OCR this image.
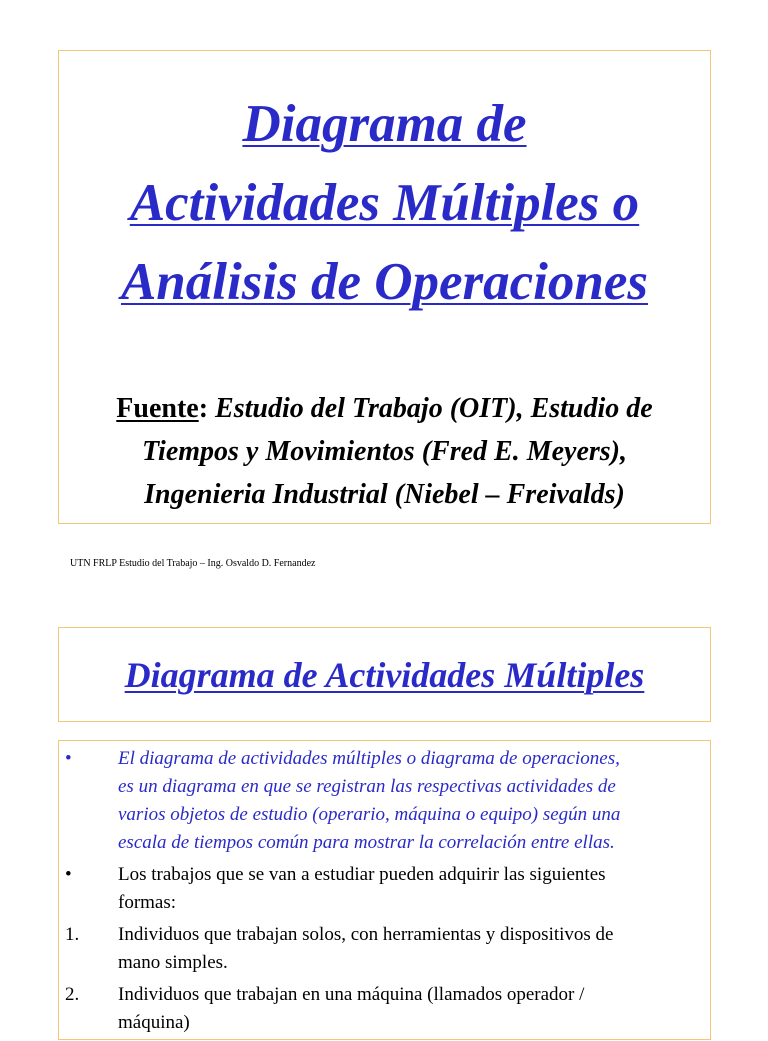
Diagrama de
Actividades Múltiples o
Análisis de Operaciones

Fuente: Estudio del Trabajo (OIT), Estudio de
Tiempos y Movimientos (Fred E. Meyers),
Ingenieria Industrial (Niebel – Freivalds)

UTN FRLP Estudio del Trabajo – Ing. Osvaldo D. Fernandez

Diagrama de Actividades Múltiples
• El diagrama de actividades múltiples o diagrama de operaciones,
es un diagrama en que se registran las respectivas actividades de
varios objetos de estudio (operario, máquina o equipo) según una
escala de tiempos común para mostrar la correlación entre ellas.
• Los trabajos que se van a estudiar pueden adquirir las siguientes
formas:
1. Individuos que trabajan solos, con herramientas y dispositivos de
mano simples.
2. Individuos que trabajan en una máquina (llamados operador /
máquina)
